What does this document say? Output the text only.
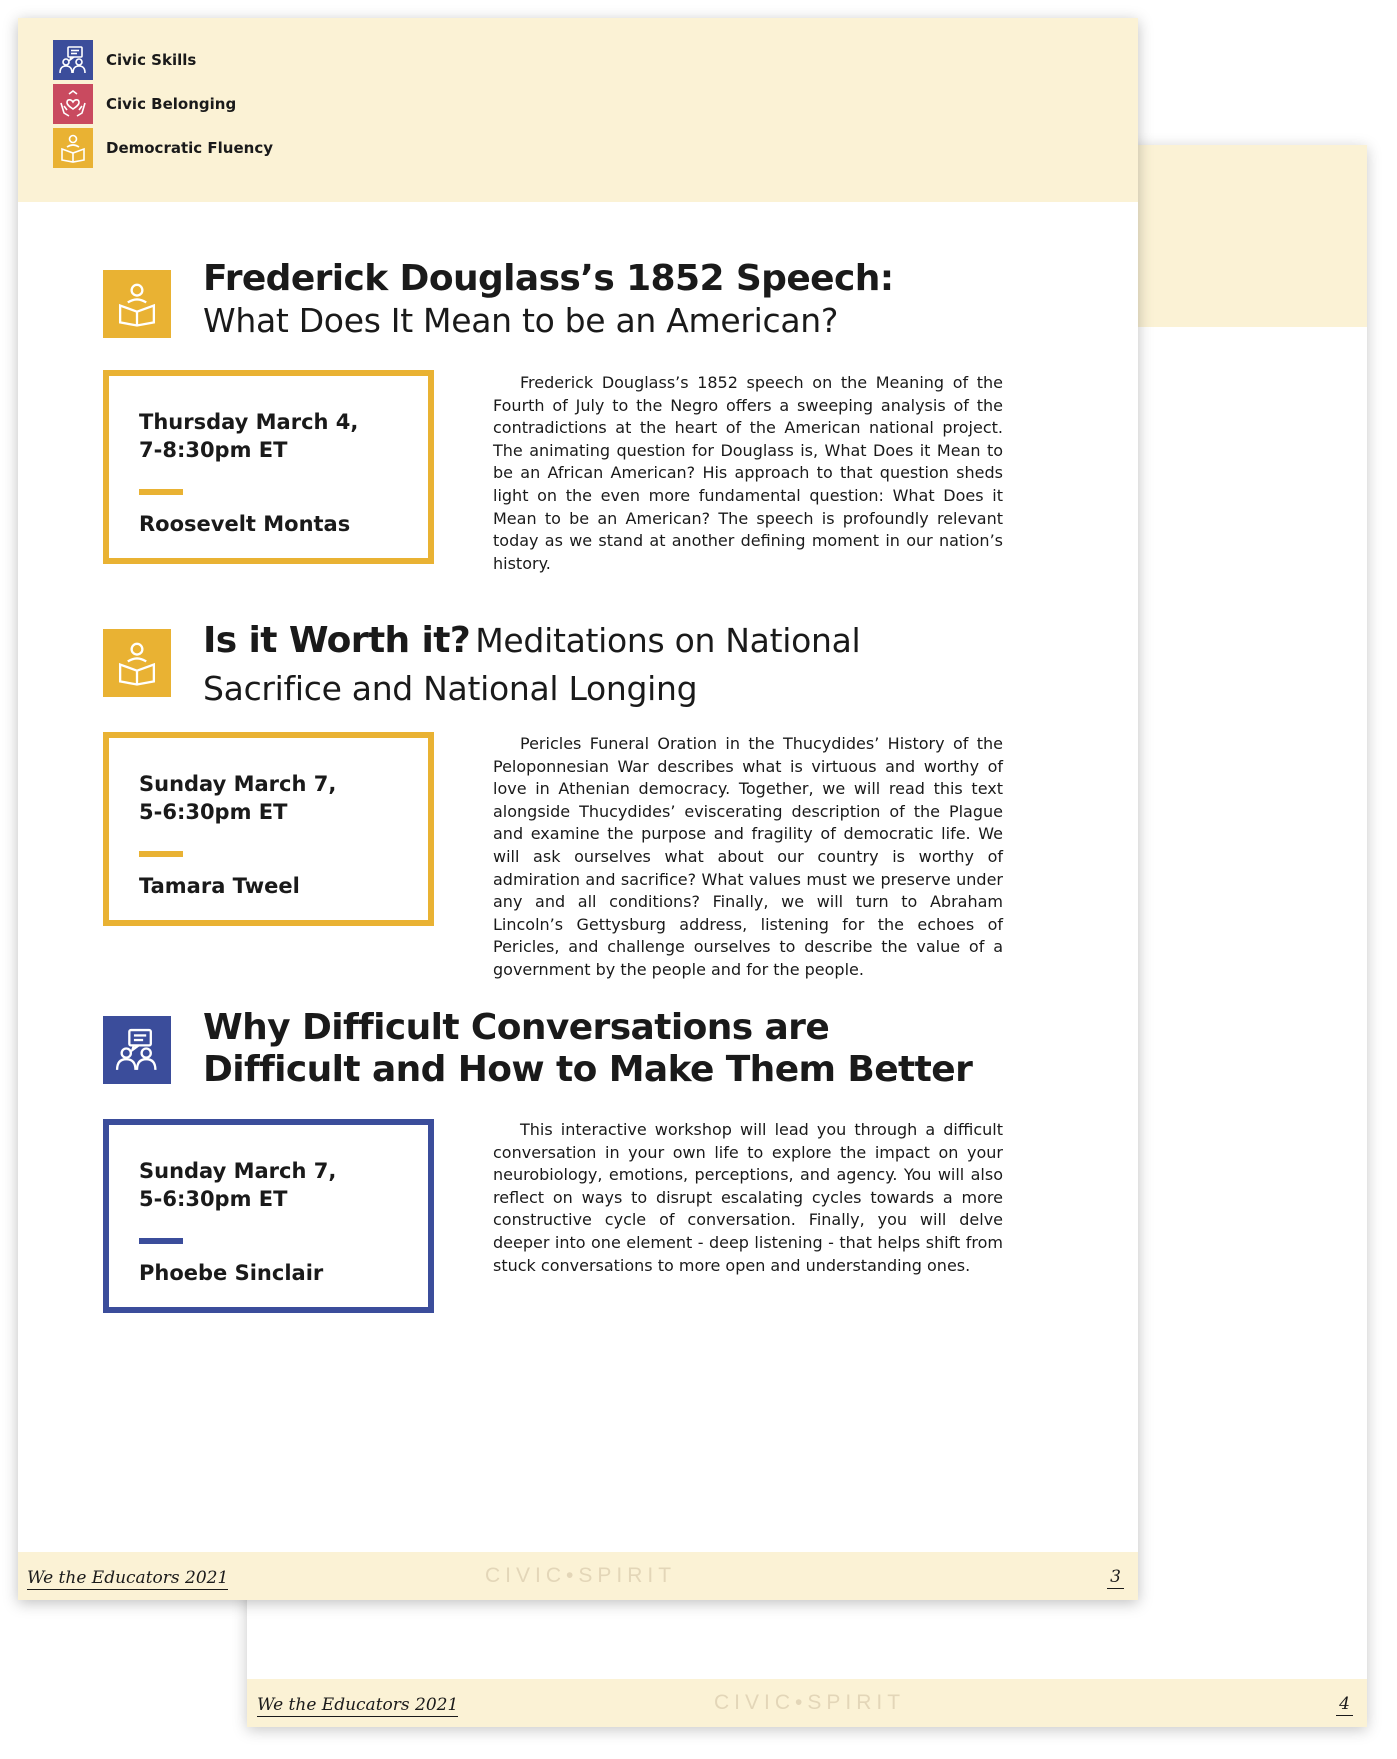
We the Educators 2021	CIVIC•SPIRIT	4
Civic Skills
Civic Belonging
Democratic Fluency
Frederick Douglass’s 1852 Speech:
What Does It Mean to be an American?
Thursday March 4,
7-8:30pm ET
Roosevelt Montas
Frederick Douglass’s 1852 speech on the Meaning of the Fourth of July to the Negro offers a sweeping analysis of the contradictions at the heart of the American national project. The animating question for Douglass is, What Does it Mean to be an African American? His approach to that question sheds light on the even more fundamental question: What Does it Mean to be an American? The speech is profoundly relevant today as we stand at another defining moment in our nation’s history.
Is it Worth it? Meditations on National
Sacrifice and National Longing
Sunday March 7,
5-6:30pm ET
Tamara Tweel
Pericles Funeral Oration in the Thucydides’ History of the Peloponnesian War describes what is virtuous and worthy of love in Athenian democracy. Together, we will read this text alongside Thucydides’ eviscerating description of the Plague and examine the purpose and fragility of democratic life. We will ask ourselves what about our country is worthy of admiration and sacrifice? What values must we preserve under any and all conditions? Finally, we will turn to Abraham Lincoln’s Gettysburg address, listening for the echoes of Pericles, and challenge ourselves to describe the value of a government by the people and for the people.
Why Difficult Conversations are
Difficult and How to Make Them Better
Sunday March 7,
5-6:30pm ET
Phoebe Sinclair
This interactive workshop will lead you through a difficult conversation in your own life to explore the impact on your neurobiology, emotions, perceptions, and agency. You will also reflect on ways to disrupt escalating cycles towards a more constructive cycle of conversation. Finally, you will delve deeper into one element - deep listening - that helps shift from stuck conversations to more open and understanding ones.
We the Educators 2021	CIVIC•SPIRIT	3
